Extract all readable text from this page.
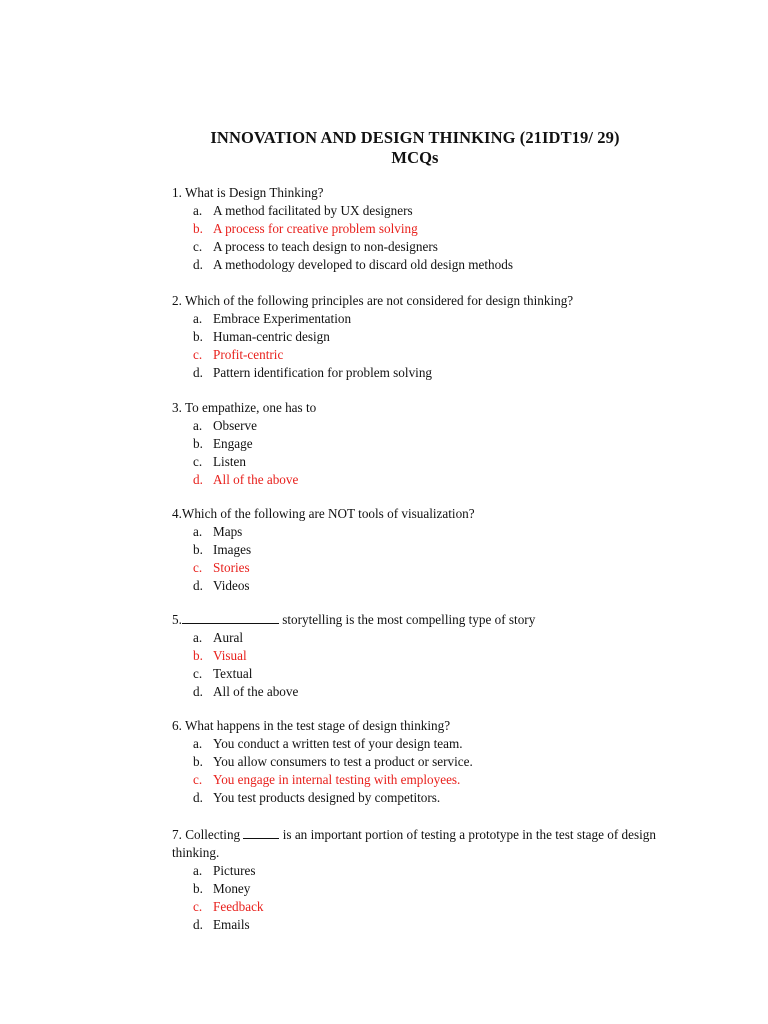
INNOVATION AND DESIGN THINKING (21IDT19/ 29)
MCQs
1. What is Design Thinking?
a. A method facilitated by UX designers
b. A process for creative problem solving
c. A process to teach design to non-designers
d. A methodology developed to discard old design methods
2. Which of the following principles are not considered for design thinking?
a. Embrace Experimentation
b. Human-centric design
c. Profit-centric
d. Pattern identification for problem solving
3. To empathize, one has to
a. Observe
b. Engage
c. Listen
d. All of the above
4.Which of the following are NOT tools of visualization?
a. Maps
b. Images
c. Stories
d. Videos
5.	storytelling is the most compelling type of story
a. Aural
b. Visual
c. Textual
d. All of the above
6. What happens in the test stage of design thinking?
a. You conduct a written test of your design team.
b. You allow consumers to test a product or service.
c. You engage in internal testing with employees.
d. You test products designed by competitors.
7. Collecting	is an important portion of testing a prototype in the test stage of design thinking.
a. Pictures
b. Money
c. Feedback
d. Emails
